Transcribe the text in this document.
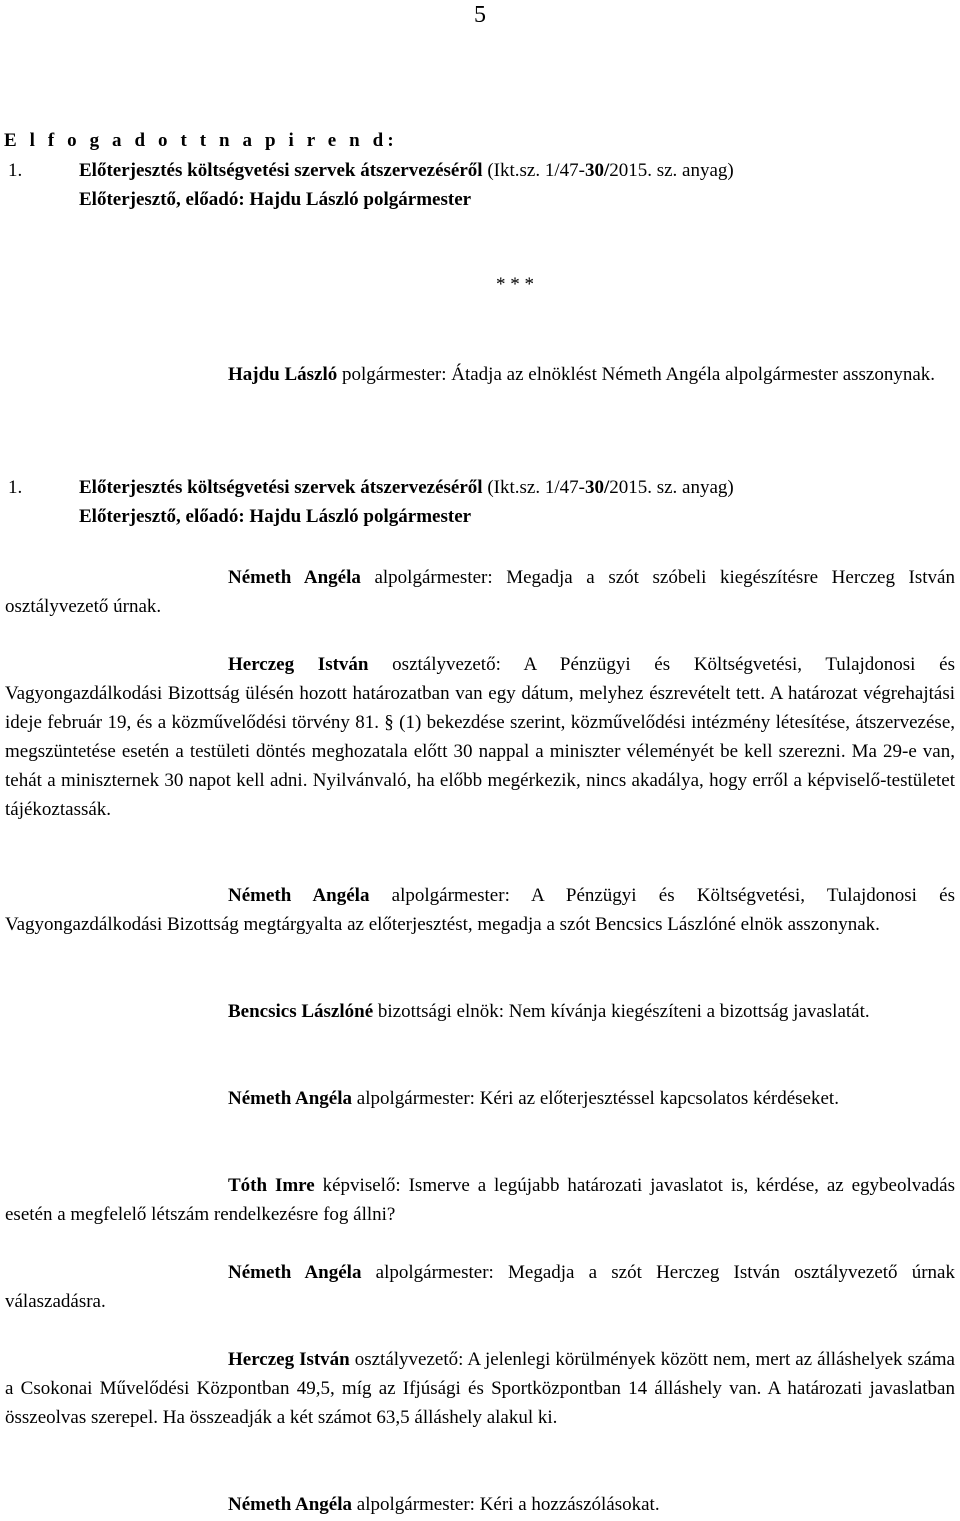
5
E l f o g a d o t t n a p i r e n d:
1.	Előterjesztés költségvetési szervek átszervezéséről (Ikt.sz. 1/47-30/2015. sz. anyag)
Előterjesztő, előadó: Hajdu László polgármester
* * *
Hajdu László polgármester: Átadja az elnöklést Németh Angéla alpolgármester asszonynak.
1.	Előterjesztés költségvetési szervek átszervezéséről (Ikt.sz. 1/47-30/2015. sz. anyag)
Előterjesztő, előadó: Hajdu László polgármester
Németh Angéla alpolgármester: Megadja a szót szóbeli kiegészítésre Herczeg István osztályvezető úrnak.
Herczeg István osztályvezető: A Pénzügyi és Költségvetési, Tulajdonosi és Vagyongazdálkodási Bizottság ülésén hozott határozatban van egy dátum, melyhez észrevételt tett. A határozat végrehajtási ideje február 19, és a közművelődési törvény 81. § (1) bekezdése szerint, közművelődési intézmény létesítése, átszervezése, megszüntetése esetén a testületi döntés meghozatala előtt 30 nappal a miniszter véleményét be kell szerezni. Ma 29-e van, tehát a miniszternek 30 napot kell adni. Nyilvánvaló, ha előbb megérkezik, nincs akadálya, hogy erről a képviselő-testületet tájékoztassák.
Németh Angéla alpolgármester: A Pénzügyi és Költségvetési, Tulajdonosi és Vagyongazdálkodási Bizottság megtárgyalta az előterjesztést, megadja a szót Bencsics Lászlóné elnök asszonynak.
Bencsics Lászlóné bizottsági elnök: Nem kívánja kiegészíteni a bizottság javaslatát.
Németh Angéla alpolgármester: Kéri az előterjesztéssel kapcsolatos kérdéseket.
Tóth Imre képviselő: Ismerve a legújabb határozati javaslatot is, kérdése, az egybeolvadás esetén a megfelelő létszám rendelkezésre fog állni?
Németh Angéla alpolgármester: Megadja a szót Herczeg István osztályvezető úrnak válaszadásra.
Herczeg István osztályvezető: A jelenlegi körülmények között nem, mert az álláshelyek száma a Csokonai Művelődési Központban 49,5, míg az Ifjúsági és Sportközpontban 14 álláshely van. A határozati javaslatban összeolvas szerepel. Ha összeadják a két számot 63,5 álláshely alakul ki.
Németh Angéla alpolgármester: Kéri a hozzászólásokat.
